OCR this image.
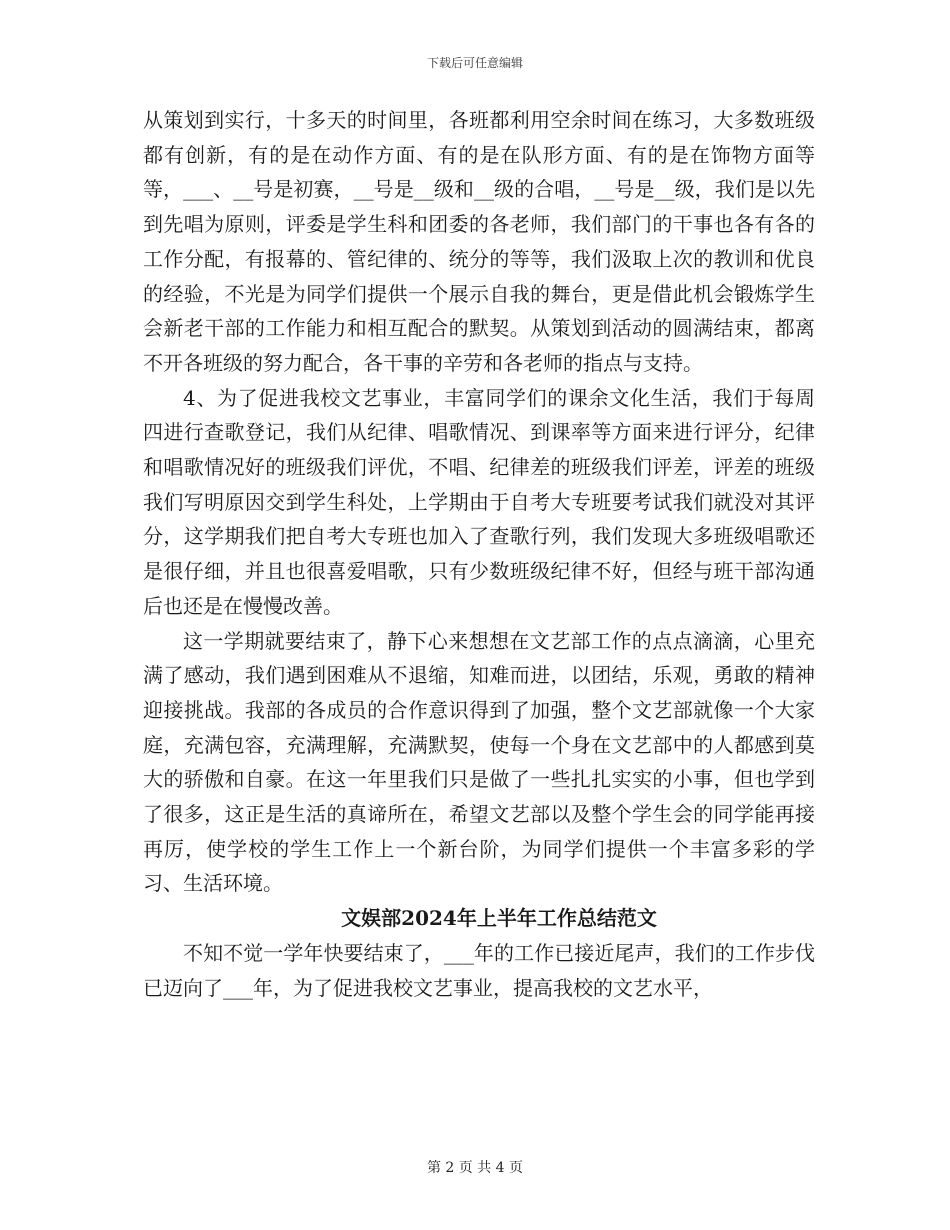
下载后可任意编辑

从策划到实行，十多天的时间里，各班都利用空余时间在练习，大多数班级都有创新，有的是在动作方面、有的是在队形方面、有的是在饰物方面等等，___、__号是初赛，__号是__级和__级的合唱，__号是__级，我们是以先到先唱为原则，评委是学生科和团委的各老师，我们部门的干事也各有各的工作分配，有报幕的、管纪律的、统分的等等，我们汲取上次的教训和优良的经验，不光是为同学们提供一个展示自我的舞台，更是借此机会锻炼学生会新老干部的工作能力和相互配合的默契。从策划到活动的圆满结束，都离不开各班级的努力配合，各干事的辛劳和各老师的指点与支持。

4、为了促进我校文艺事业，丰富同学们的课余文化生活，我们于每周四进行查歌登记，我们从纪律、唱歌情况、到课率等方面来进行评分，纪律和唱歌情况好的班级我们评优，不唱、纪律差的班级我们评差，评差的班级我们写明原因交到学生科处，上学期由于自考大专班要考试我们就没对其评分，这学期我们把自考大专班也加入了查歌行列，我们发现大多班级唱歌还是很仔细，并且也很喜爱唱歌，只有少数班级纪律不好，但经与班干部沟通后也还是在慢慢改善。

这一学期就要结束了，静下心来想想在文艺部工作的点点滴滴，心里充满了感动，我们遇到困难从不退缩，知难而进，以团结，乐观，勇敢的精神迎接挑战。我部的各成员的合作意识得到了加强，整个文艺部就像一个大家庭，充满包容，充满理解，充满默契，使每一个身在文艺部中的人都感到莫大的骄傲和自豪。在这一年里我们只是做了一些扎扎实实的小事，但也学到了很多，这正是生活的真谛所在，希望文艺部以及整个学生会的同学能再接再厉，使学校的学生工作上一个新台阶，为同学们提供一个丰富多彩的学习、生活环境。

文娱部2024年上半年工作总结范文

不知不觉一学年快要结束了，___年的工作已接近尾声，我们的工作步伐已迈向了___年，为了促进我校文艺事业，提高我校的文艺水平，

第 2 页 共 4 页
